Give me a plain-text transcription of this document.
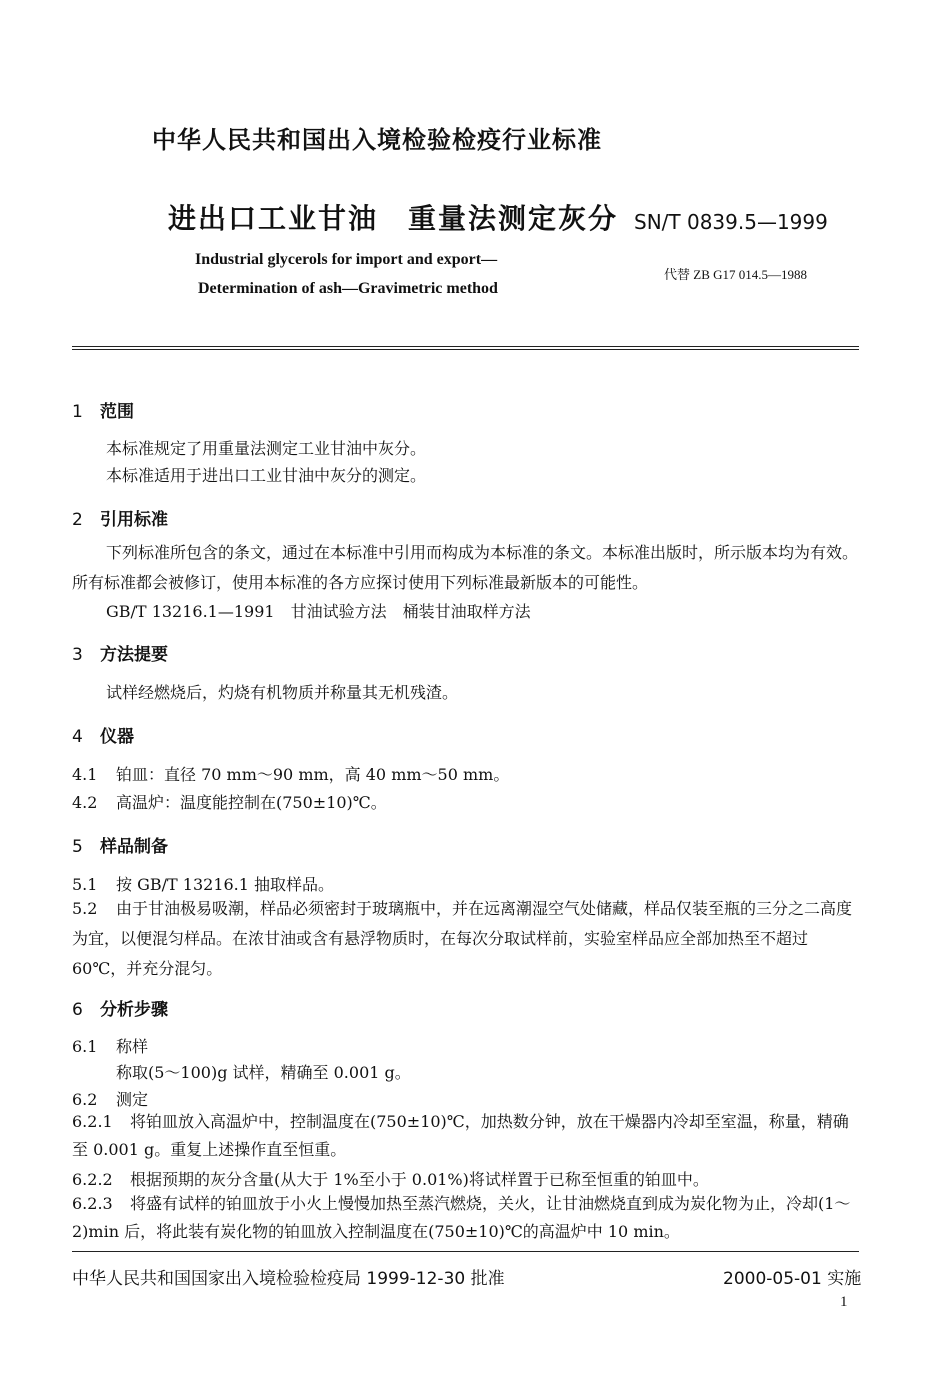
中华人民共和国出入境检验检疫行业标准
进出口工业甘油　重量法测定灰分 SN/T 0839.5—1999
Industrial glycerols for import and export—
Determination of ash—Gravimetric method
代替 ZB G17 014.5—1988
1 范围
本标准规定了用重量法测定工业甘油中灰分。
本标准适用于进出口工业甘油中灰分的测定。
2 引用标准
下列标准所包含的条文，通过在本标准中引用而构成为本标准的条文。本标准出版时，所示版本均为有效。所有标准都会被修订，使用本标准的各方应探讨使用下列标准最新版本的可能性。
GB/T 13216.1—1991　甘油试验方法　桶装甘油取样方法
3 方法提要
试样经燃烧后，灼烧有机物质并称量其无机残渣。
4 仪器
4.1 铂皿：直径 70 mm～90 mm，高 40 mm～50 mm。
4.2 高温炉：温度能控制在(750±10)℃。
5 样品制备
5.1 按 GB/T 13216.1 抽取样品。
5.2 由于甘油极易吸潮，样品必须密封于玻璃瓶中，并在远离潮湿空气处储藏，样品仅装至瓶的三分之二高度为宜，以便混匀样品。在浓甘油或含有悬浮物质时，在每次分取试样前，实验室样品应全部加热至不超过 60℃，并充分混匀。
6 分析步骤
6.1 称样
称取(5～100)g 试样，精确至 0.001 g。
6.2 测定
6.2.1 将铂皿放入高温炉中，控制温度在(750±10)℃，加热数分钟，放在干燥器内冷却至室温，称量，精确至 0.001 g。重复上述操作直至恒重。
6.2.2 根据预期的灰分含量(从大于 1%至小于 0.01%)将试样置于已称至恒重的铂皿中。
6.2.3 将盛有试样的铂皿放于小火上慢慢加热至蒸汽燃烧，关火，让甘油燃烧直到成为炭化物为止，冷却(1～2)min 后，将此装有炭化物的铂皿放入控制温度在(750±10)℃的高温炉中 10 min。
中华人民共和国国家出入境检验检疫局 1999-12-30 批准	2000-05-01 实施
1
